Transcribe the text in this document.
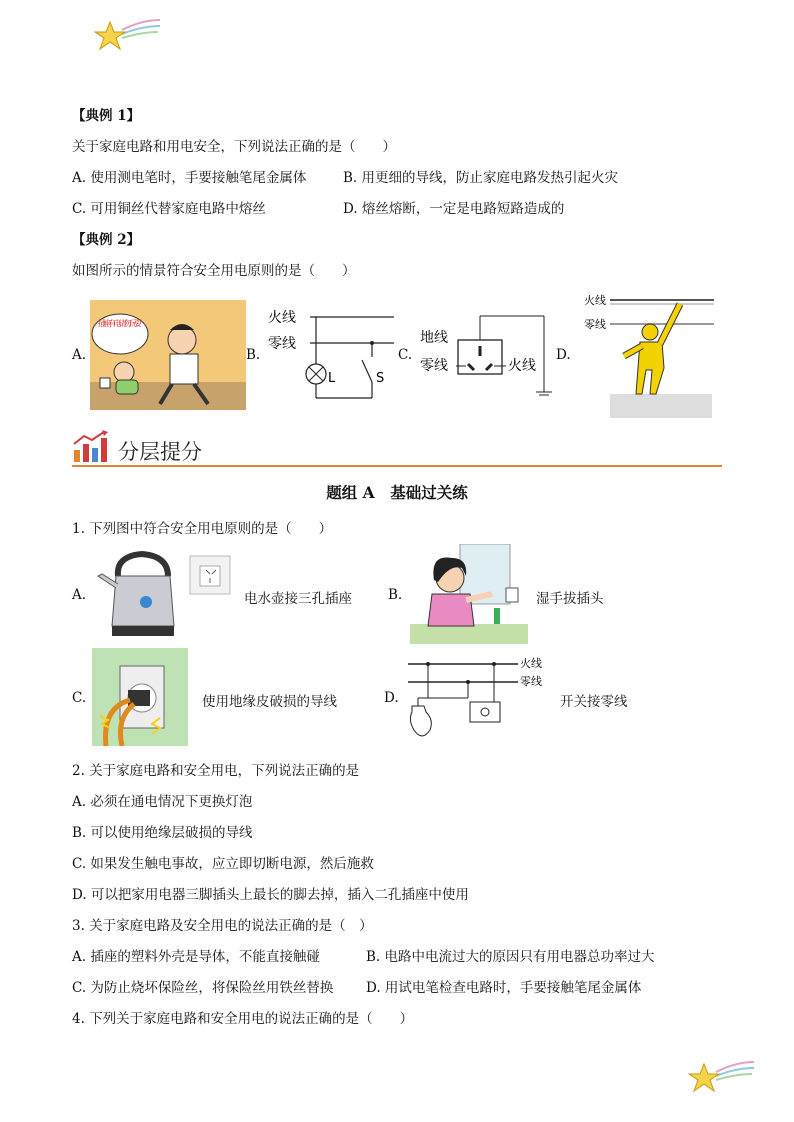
【典例 1】
关于家庭电路和用电安全，下列说法正确的是（　　）
A. 使用测电笔时，手要接触笔尾金属体	B. 用更细的导线，防止家庭电路发热引起火灾
C. 可用铜丝代替家庭电路中熔丝	D. 熔丝熔断，一定是电路短路造成的
【典例 2】
如图所示的情景符合安全用电原则的是（　　）
A.
插座有电请勿玩耍
B.
火线
零线
L	S
C.
地线
零线	火线
D.
火线
零线
分层提分
题组 A　基础过关练
1. 下列图中符合安全用电原则的是（　　）
A.	电水壶接三孔插座	B.	湿手拔插头
C.	使用地缘皮破损的导线	D.
火线
零线
开关接零线
2. 关于家庭电路和安全用电，下列说法正确的是
A. 必须在通电情况下更换灯泡
B. 可以使用绝缘层破损的导线
C. 如果发生触电事故，应立即切断电源，然后施救
D. 可以把家用电器三脚插头上最长的脚去掉，插入二孔插座中使用
3. 关于家庭电路及安全用电的说法正确的是（　）
A. 插座的塑料外壳是导体，不能直接触碰	B. 电路中电流过大的原因只有用电器总功率过大
C. 为防止烧坏保险丝，将保险丝用铁丝替换 D. 用试电笔检查电路时，手要接触笔尾金属体
4. 下列关于家庭电路和安全用电的说法正确的是（　　）
